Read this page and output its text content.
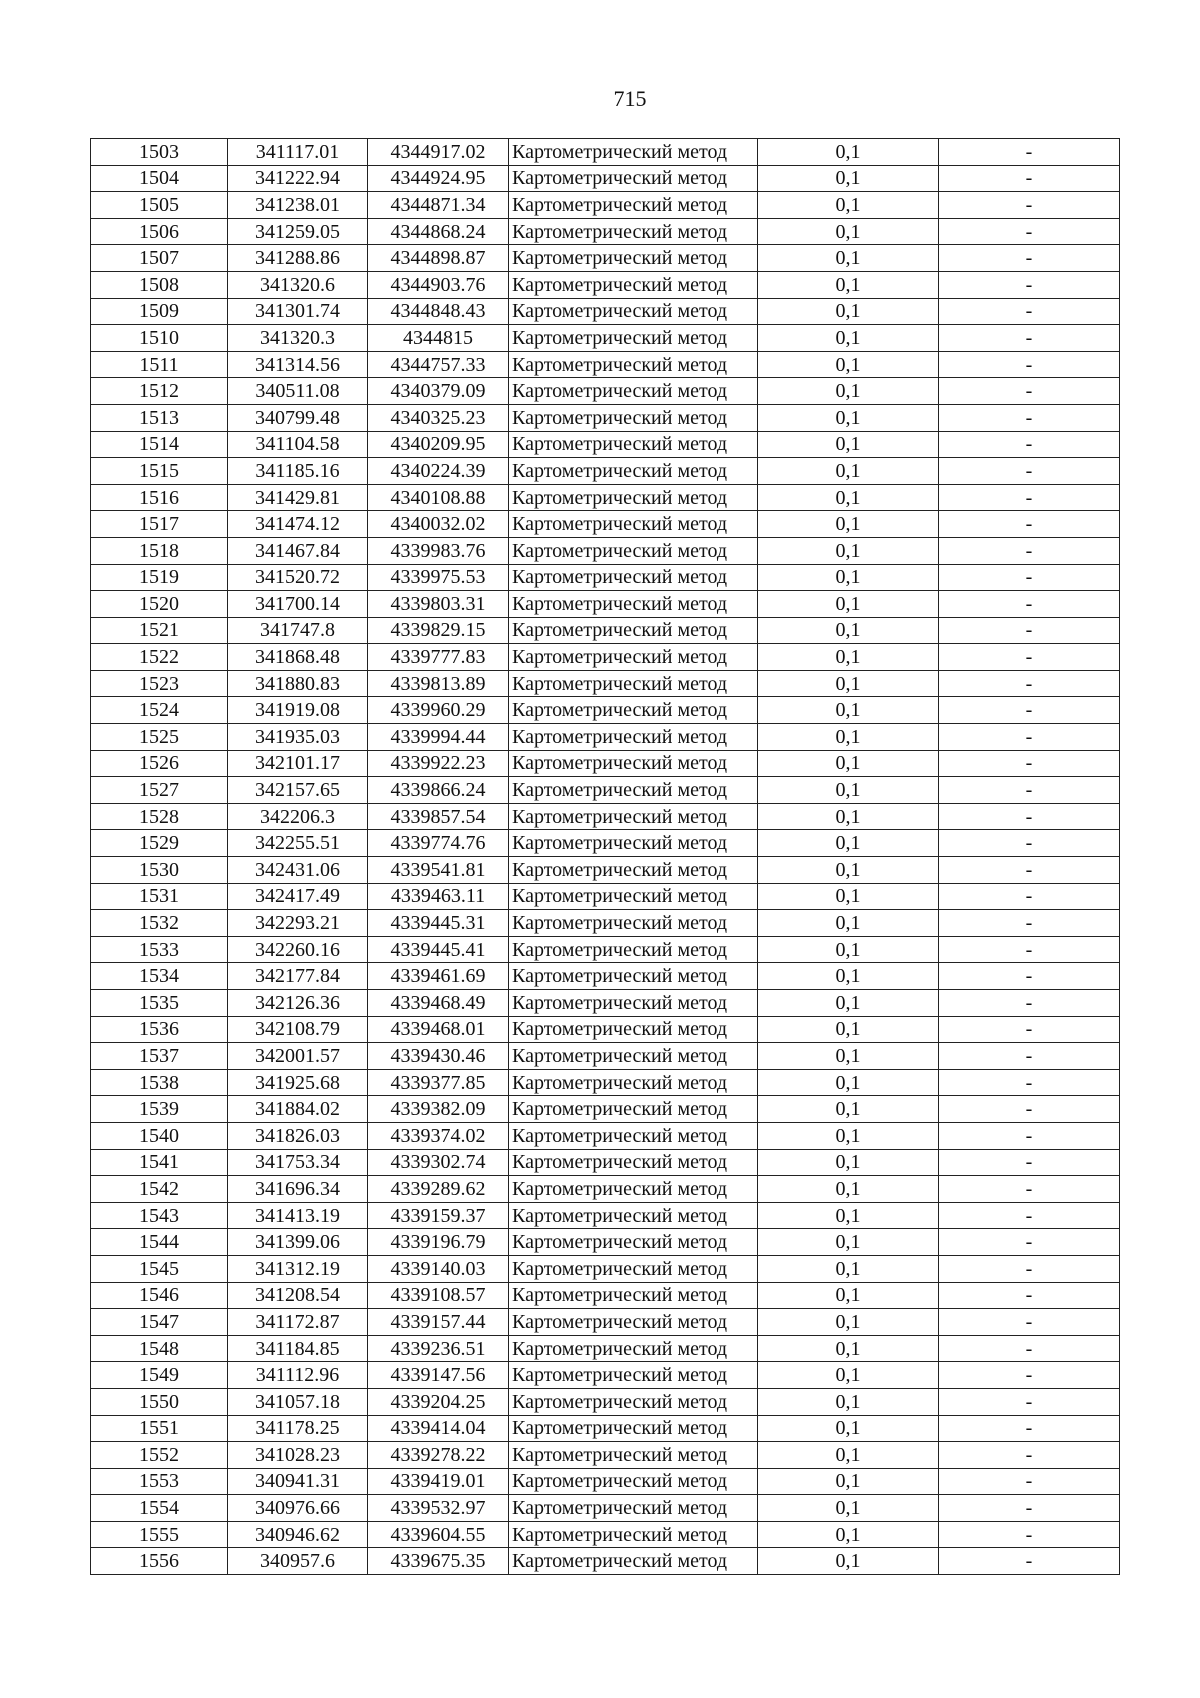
715
1503	341117.01	4344917.02	Картометрический метод	0,1	-
1504	341222.94	4344924.95	Картометрический метод	0,1	-
1505	341238.01	4344871.34	Картометрический метод	0,1	-
1506	341259.05	4344868.24	Картометрический метод	0,1	-
1507	341288.86	4344898.87	Картометрический метод	0,1	-
1508	341320.6	4344903.76	Картометрический метод	0,1	-
1509	341301.74	4344848.43	Картометрический метод	0,1	-
1510	341320.3	4344815	Картометрический метод	0,1	-
1511	341314.56	4344757.33	Картометрический метод	0,1	-
1512	340511.08	4340379.09	Картометрический метод	0,1	-
1513	340799.48	4340325.23	Картометрический метод	0,1	-
1514	341104.58	4340209.95	Картометрический метод	0,1	-
1515	341185.16	4340224.39	Картометрический метод	0,1	-
1516	341429.81	4340108.88	Картометрический метод	0,1	-
1517	341474.12	4340032.02	Картометрический метод	0,1	-
1518	341467.84	4339983.76	Картометрический метод	0,1	-
1519	341520.72	4339975.53	Картометрический метод	0,1	-
1520	341700.14	4339803.31	Картометрический метод	0,1	-
1521	341747.8	4339829.15	Картометрический метод	0,1	-
1522	341868.48	4339777.83	Картометрический метод	0,1	-
1523	341880.83	4339813.89	Картометрический метод	0,1	-
1524	341919.08	4339960.29	Картометрический метод	0,1	-
1525	341935.03	4339994.44	Картометрический метод	0,1	-
1526	342101.17	4339922.23	Картометрический метод	0,1	-
1527	342157.65	4339866.24	Картометрический метод	0,1	-
1528	342206.3	4339857.54	Картометрический метод	0,1	-
1529	342255.51	4339774.76	Картометрический метод	0,1	-
1530	342431.06	4339541.81	Картометрический метод	0,1	-
1531	342417.49	4339463.11	Картометрический метод	0,1	-
1532	342293.21	4339445.31	Картометрический метод	0,1	-
1533	342260.16	4339445.41	Картометрический метод	0,1	-
1534	342177.84	4339461.69	Картометрический метод	0,1	-
1535	342126.36	4339468.49	Картометрический метод	0,1	-
1536	342108.79	4339468.01	Картометрический метод	0,1	-
1537	342001.57	4339430.46	Картометрический метод	0,1	-
1538	341925.68	4339377.85	Картометрический метод	0,1	-
1539	341884.02	4339382.09	Картометрический метод	0,1	-
1540	341826.03	4339374.02	Картометрический метод	0,1	-
1541	341753.34	4339302.74	Картометрический метод	0,1	-
1542	341696.34	4339289.62	Картометрический метод	0,1	-
1543	341413.19	4339159.37	Картометрический метод	0,1	-
1544	341399.06	4339196.79	Картометрический метод	0,1	-
1545	341312.19	4339140.03	Картометрический метод	0,1	-
1546	341208.54	4339108.57	Картометрический метод	0,1	-
1547	341172.87	4339157.44	Картометрический метод	0,1	-
1548	341184.85	4339236.51	Картометрический метод	0,1	-
1549	341112.96	4339147.56	Картометрический метод	0,1	-
1550	341057.18	4339204.25	Картометрический метод	0,1	-
1551	341178.25	4339414.04	Картометрический метод	0,1	-
1552	341028.23	4339278.22	Картометрический метод	0,1	-
1553	340941.31	4339419.01	Картометрический метод	0,1	-
1554	340976.66	4339532.97	Картометрический метод	0,1	-
1555	340946.62	4339604.55	Картометрический метод	0,1	-
1556	340957.6	4339675.35	Картометрический метод	0,1	-
